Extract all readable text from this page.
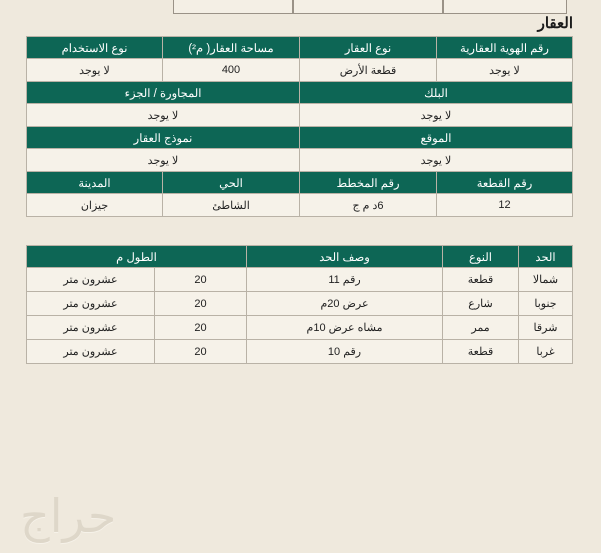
العقار
رقم الهوية العقارية	نوع العقار	مساحة العقار( م²)	نوع الاستخدام
لا يوجد	قطعة الأرض	400	لا يوجد
البلك		المجاورة / الجزء	
لا يوجد		لا يوجد	
الموقع		نموذج العقار	
لا يوجد		لا يوجد	
رقم القطعة	رقم المخطط	الحي	المدينة
12	6د م ج	الشاطئ	جيزان
الحد	النوع	وصف الحد	الطول م	
شمالا	قطعة	رقم 11	20	عشرون متر
جنوبا	شارع	عرض 20م	20	عشرون متر
شرقا	ممر	مشاه عرض 10م	20	عشرون متر
غربا	قطعة	رقم 10	20	عشرون متر
حراج
